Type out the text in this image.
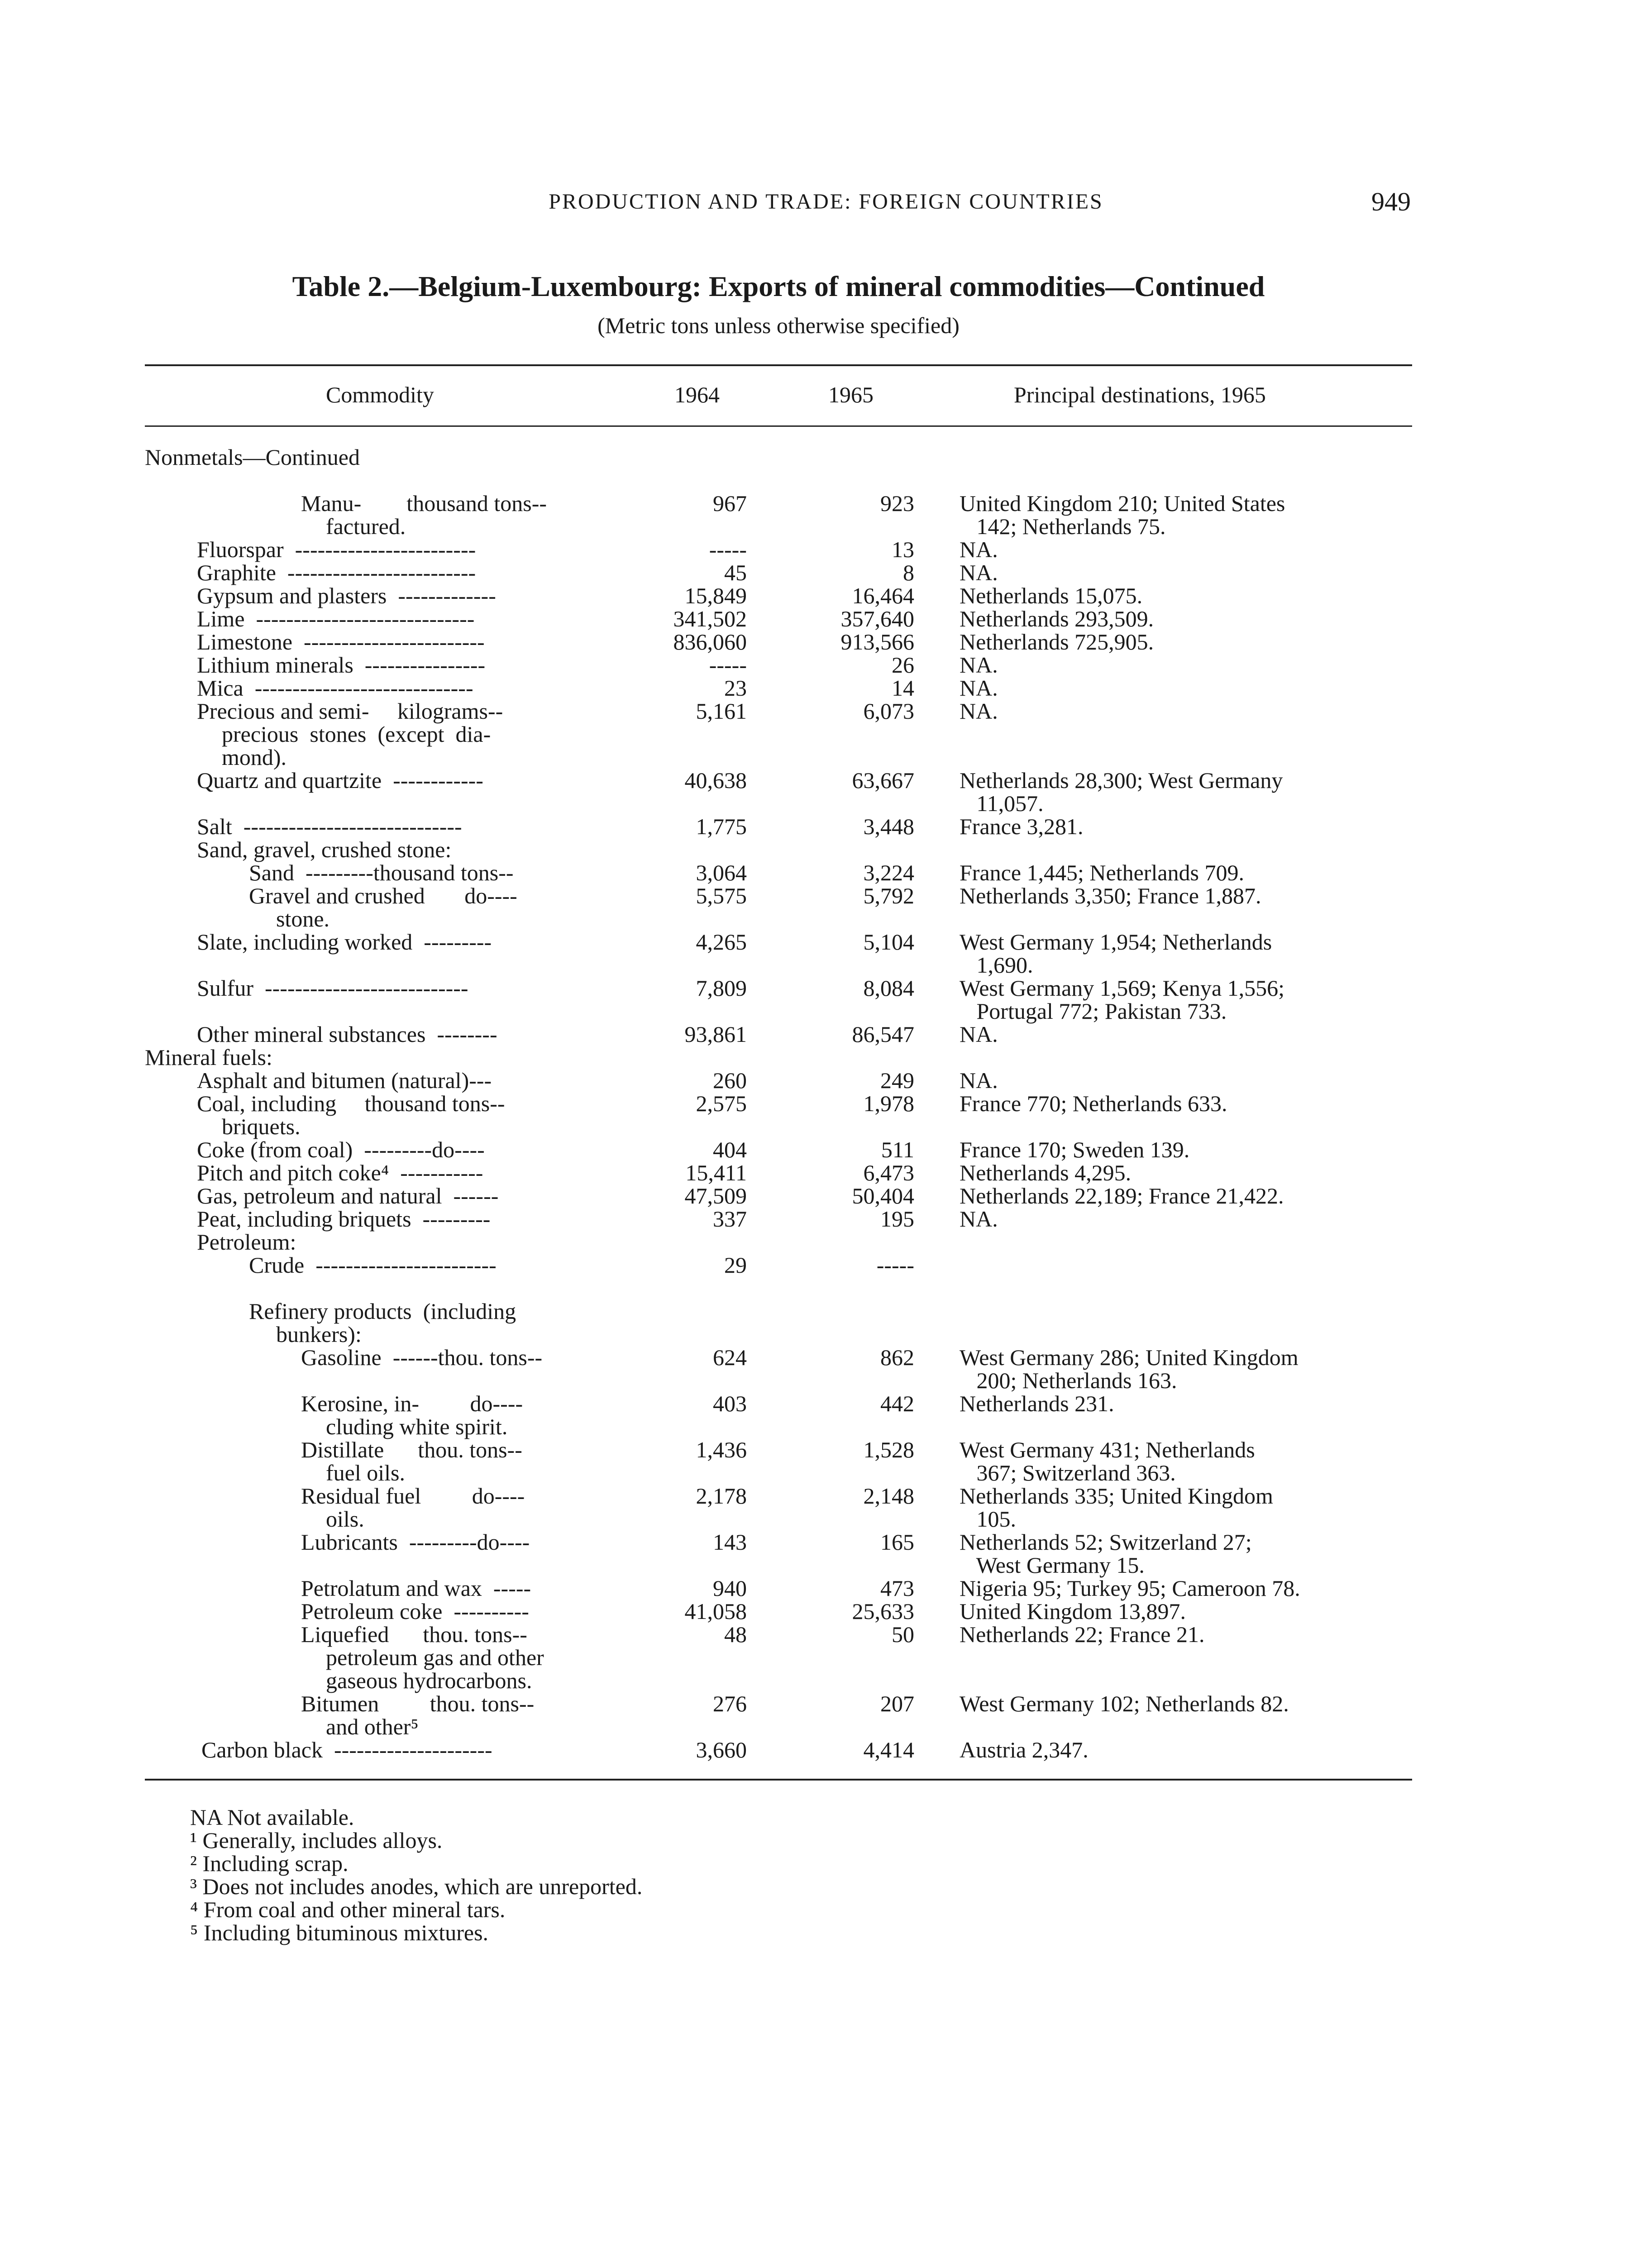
PRODUCTION AND TRADE: FOREIGN COUNTRIES	949
Table 2.—Belgium-Luxembourg: Exports of mineral commodities—Continued
(Metric tons unless otherwise specified)
Commodity	1964	1965	Principal destinations, 1965
Nonmetals—Continued
Manu-        thousand tons--	967	923 United Kingdom 210; United States
factured.	142; Netherlands 75.
Fluorspar  ------------------------	-----	13 NA.
Graphite  -------------------------	45	8 NA.
Gypsum and plasters  -------------	15,849	16,464 Netherlands 15,075.
Lime  -----------------------------	341,502	357,640 Netherlands 293,509.
Limestone  ------------------------	836,060	913,566 Netherlands 725,905.
Lithium minerals  ----------------	-----	26 NA.
Mica  -----------------------------	23	14 NA.
Precious and semi-     kilograms--	5,161	6,073 NA.
precious  stones  (except  dia-
mond).
Quartz and quartzite  ------------	40,638	63,667 Netherlands 28,300; West Germany
11,057.
Salt  -----------------------------	1,775	3,448 France 3,281.
Sand, gravel, crushed stone:
Sand  ---------thousand tons--	3,064	3,224 France 1,445; Netherlands 709.
Gravel and crushed       do----	5,575	5,792 Netherlands 3,350; France 1,887.
stone.
Slate, including worked  ---------	4,265	5,104 West Germany 1,954; Netherlands
1,690.
Sulfur  ---------------------------	7,809	8,084 West Germany 1,569; Kenya 1,556;
Portugal 772; Pakistan 733.
Other mineral substances  --------	93,861	86,547 NA.
Mineral fuels:
Asphalt and bitumen (natural)---	260	249 NA.
Coal, including     thousand tons--	2,575	1,978 France 770; Netherlands 633.
briquets.
Coke (from coal)  ---------do----	404	511 France 170; Sweden 139.
Pitch and pitch coke⁴  -----------	15,411	6,473 Netherlands 4,295.
Gas, petroleum and natural  ------	47,509	50,404 Netherlands 22,189; France 21,422.
Peat, including briquets  ---------	337	195 NA.
Petroleum:
Crude  ------------------------	29	-----
Refinery products  (including
bunkers):
Gasoline  ------thou. tons--	624	862 West Germany 286; United Kingdom
200; Netherlands 163.
Kerosine, in-         do----	403	442 Netherlands 231.
cluding white spirit.
Distillate      thou. tons--	1,436	1,528 West Germany 431; Netherlands
fuel oils.	367; Switzerland 363.
Residual fuel         do----	2,178	2,148 Netherlands 335; United Kingdom
oils.	105.
Lubricants  ---------do----	143	165 Netherlands 52; Switzerland 27;
West Germany 15.
Petrolatum and wax  -----	940	473 Nigeria 95; Turkey 95; Cameroon 78.
Petroleum coke  ----------	41,058	25,633 United Kingdom 13,897.
Liquefied      thou. tons--	48	50 Netherlands 22; France 21.
petroleum gas and other
gaseous hydrocarbons.
Bitumen         thou. tons--	276	207 West Germany 102; Netherlands 82.
and other⁵
Carbon black  ---------------------	3,660	4,414 Austria 2,347.
NA Not available.
¹ Generally, includes alloys.
² Including scrap.
³ Does not includes anodes, which are unreported.
⁴ From coal and other mineral tars.
⁵ Including bituminous mixtures.
